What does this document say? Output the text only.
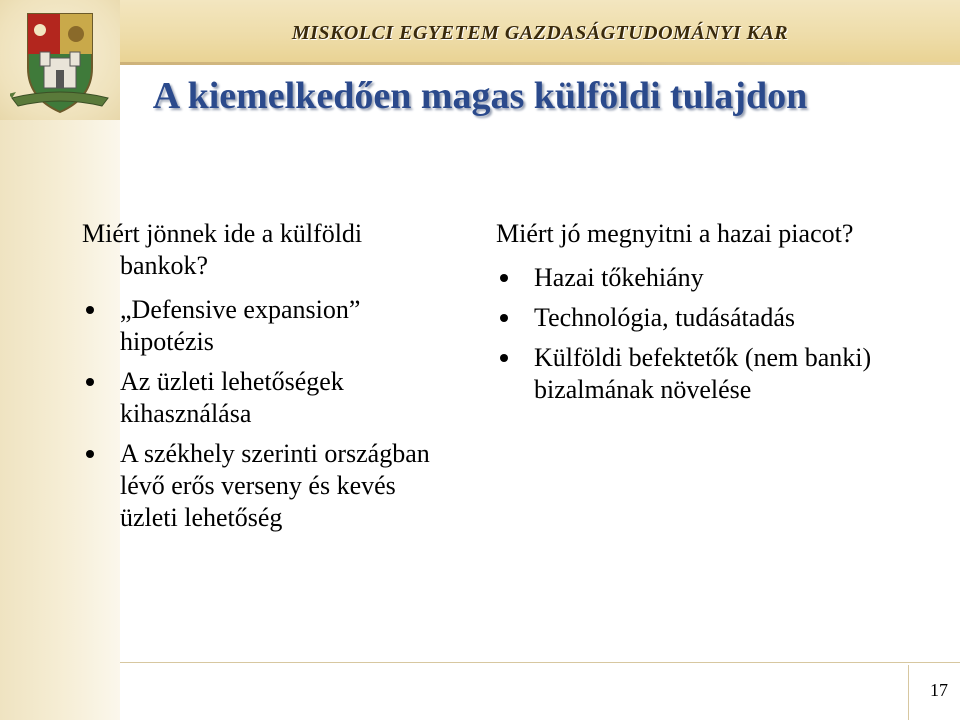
MISKOLCI EGYETEM GAZDASÁGTUDOMÁNYI KAR
A kiemelkedően magas külföldi tulajdon
Miért jönnek ide a külföldi bankok?
„Defensive expansion” hipotézis
Az üzleti lehetőségek kihasználása
A székhely szerinti országban lévő erős verseny és kevés üzleti lehetőség
Miért jó megnyitni a hazai piacot?
Hazai tőkehiány
Technológia, tudásátadás
Külföldi befektetők (nem banki) bizalmának növelése
17
